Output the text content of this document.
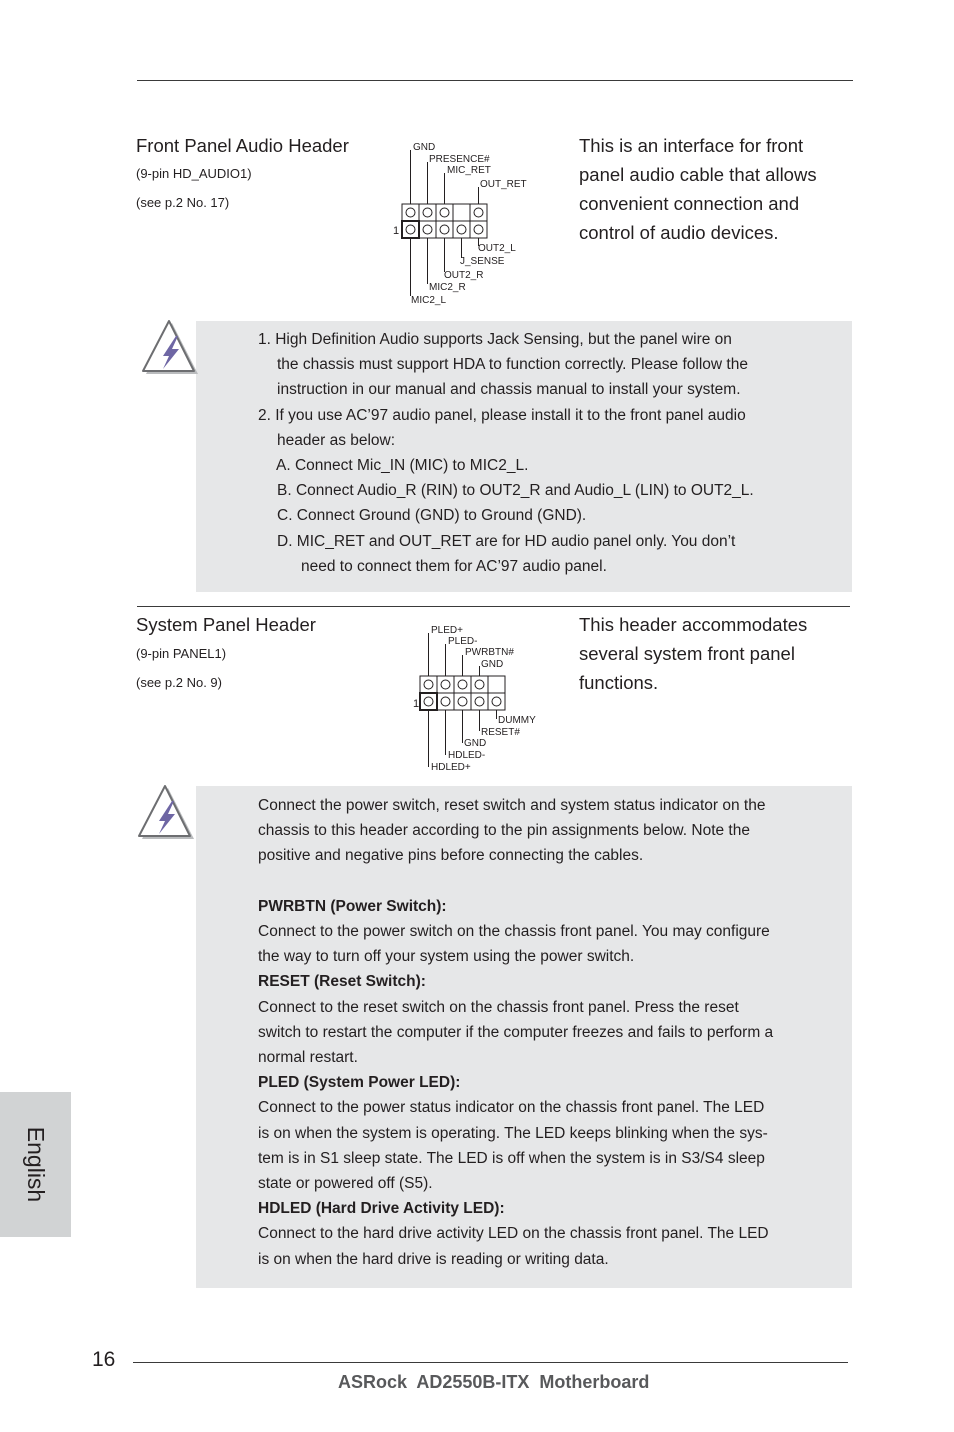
Front Panel Audio Header
(9-pin HD_AUDIO1)
(see p.2 No. 17)
GND
PRESENCE#
MIC_RET
OUT_RET
1
OUT2_L
J_SENSE
OUT2_R
MIC2_R
MIC2_L
This is an interface for front
panel audio cable that allows
convenient connection and
control of audio devices.

1. High Definition Audio supports Jack Sensing, but the panel wire on

the chassis must support HDA to function correctly. Please follow the

instruction in our manual and chassis manual to install your system.

2. If you use AC’97 audio panel, please install it to the front panel audio

header as below:

A. Connect Mic_IN (MIC) to MIC2_L.

B. Connect Audio_R (RIN) to OUT2_R and Audio_L (LIN) to OUT2_L.

C. Connect Ground (GND) to Ground (GND).

D. MIC_RET and OUT_RET are for HD audio panel only. You don’t

need to connect them for AC’97 audio panel.

System Panel Header
(9-pin PANEL1)
(see p.2 No. 9)
PLED+
PLED-
PWRBTN#
GND
1
DUMMY
RESET#
GND
HDLED-
HDLED+
This header accommodates
several system front panel
functions.

Connect the power switch, reset switch and system status indicator on the

chassis to this header according to the pin assignments below. Note the

positive and negative pins before connecting the cables.

PWRBTN (Power Switch):

Connect to the power switch on the chassis front panel. You may configure

the way to turn off your system using the power switch.

RESET (Reset Switch):

Connect to the reset switch on the chassis front panel. Press the reset

switch to restart the computer if the computer freezes and fails to perform a

normal restart.

PLED (System Power LED):

Connect to the power status indicator on the chassis front panel. The LED

is on when the system is operating. The LED keeps blinking when the sys-

tem is in S1 sleep state. The LED is off when the system is in S3/S4 sleep

state or powered off (S5).

HDLED (Hard Drive Activity LED):

Connect to the hard drive activity LED on the chassis front panel. The LED

is on when the hard drive is reading or writing data.

English
16
ASRock  AD2550B-ITX  Motherboard
